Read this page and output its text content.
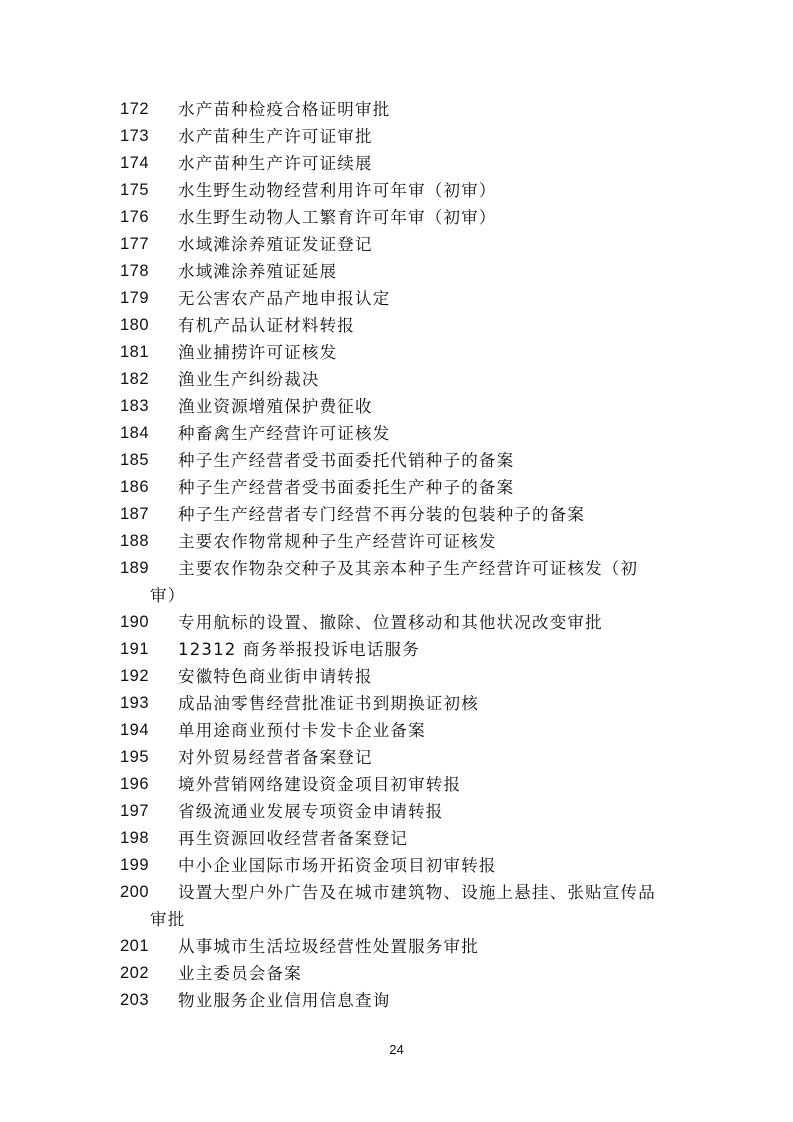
172	水产苗种检疫合格证明审批
173	水产苗种生产许可证审批
174	水产苗种生产许可证续展
175	水生野生动物经营利用许可年审（初审）
176	水生野生动物人工繁育许可年审（初审）
177	水域滩涂养殖证发证登记
178	水域滩涂养殖证延展
179	无公害农产品产地申报认定
180	有机产品认证材料转报
181	渔业捕捞许可证核发
182	渔业生产纠纷裁决
183	渔业资源增殖保护费征收
184	种畜禽生产经营许可证核发
185	种子生产经营者受书面委托代销种子的备案
186	种子生产经营者受书面委托生产种子的备案
187	种子生产经营者专门经营不再分装的包装种子的备案
188	主要农作物常规种子生产经营许可证核发
189	主要农作物杂交种子及其亲本种子生产经营许可证核发（初
审）
190	专用航标的设置、撤除、位置移动和其他状况改变审批
191	12312 商务举报投诉电话服务
192	安徽特色商业街申请转报
193	成品油零售经营批准证书到期换证初核
194	单用途商业预付卡发卡企业备案
195	对外贸易经营者备案登记
196	境外营销网络建设资金项目初审转报
197	省级流通业发展专项资金申请转报
198	再生资源回收经营者备案登记
199	中小企业国际市场开拓资金项目初审转报
200	设置大型户外广告及在城市建筑物、设施上悬挂、张贴宣传品
审批
201	从事城市生活垃圾经营性处置服务审批
202	业主委员会备案
203	物业服务企业信用信息查询
24
